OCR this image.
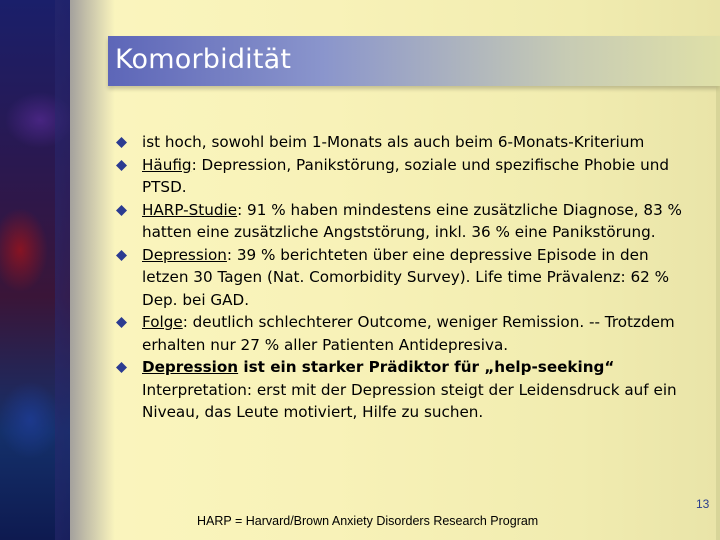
Komorbidität
ist hoch, sowohl beim 1-Monats als auch beim 6-Monats-Kriterium
Häufig: Depression, Panikstörung, soziale und spezifische Phobie und PTSD.
HARP-Studie: 91 % haben mindestens eine zusätzliche Diagnose, 83 % hatten eine zusätzliche Angststörung, inkl. 36 % eine Panikstörung.
Depression: 39 % berichteten über eine depressive Episode in den letzen 30 Tagen (Nat. Comorbidity Survey). Life time Prävalenz: 62 % Dep. bei GAD.
Folge: deutlich schlechterer Outcome, weniger Remission. -- Trotzdem erhalten nur 27 % aller Patienten Antidepresiva.
Depression ist ein starker Prädiktor für „help-seeking“ Interpretation: erst mit der Depression steigt der Leidensdruck auf ein Niveau, das Leute motiviert, Hilfe zu suchen.
13
HARP = Harvard/Brown Anxiety Disorders Research Program
